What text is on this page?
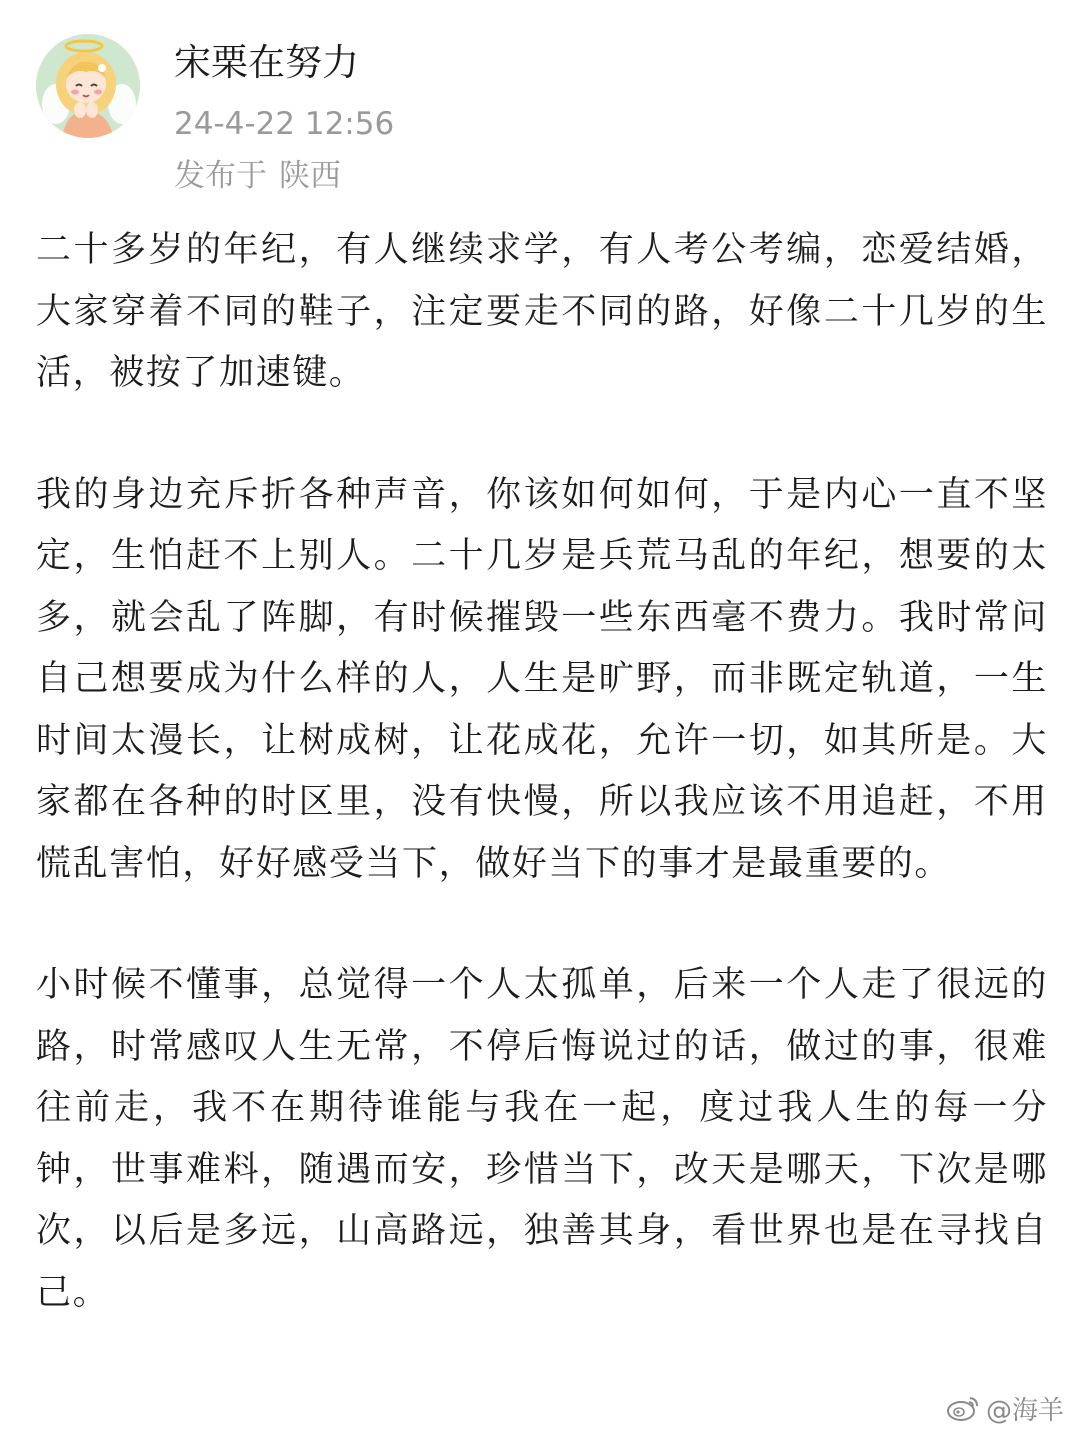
宋栗在努力
24-4-22 12:56
发布于 陕西

二十多岁的年纪，有人继续求学，有人考公考编，恋爱结婚，大家穿着不同的鞋子，注定要走不同的路，好像二十几岁的生活，被按了加速键。

我的身边充斥折各种声音，你该如何如何，于是内心一直不坚定，生怕赶不上别人。二十几岁是兵荒马乱的年纪，想要的太多，就会乱了阵脚，有时候摧毁一些东西毫不费力。我时常问自己想要成为什么样的人，人生是旷野，而非既定轨道，一生时间太漫长，让树成树，让花成花，允许一切，如其所是。大家都在各种的时区里，没有快慢，所以我应该不用追赶，不用慌乱害怕，好好感受当下，做好当下的事才是最重要的。

小时候不懂事，总觉得一个人太孤单，后来一个人走了很远的路，时常感叹人生无常，不停后悔说过的话，做过的事，很难往前走，我不在期待谁能与我在一起，度过我人生的每一分钟，世事难料，随遇而安，珍惜当下，改天是哪天，下次是哪次，以后是多远，山高路远，独善其身，看世界也是在寻找自己。

@海羊
